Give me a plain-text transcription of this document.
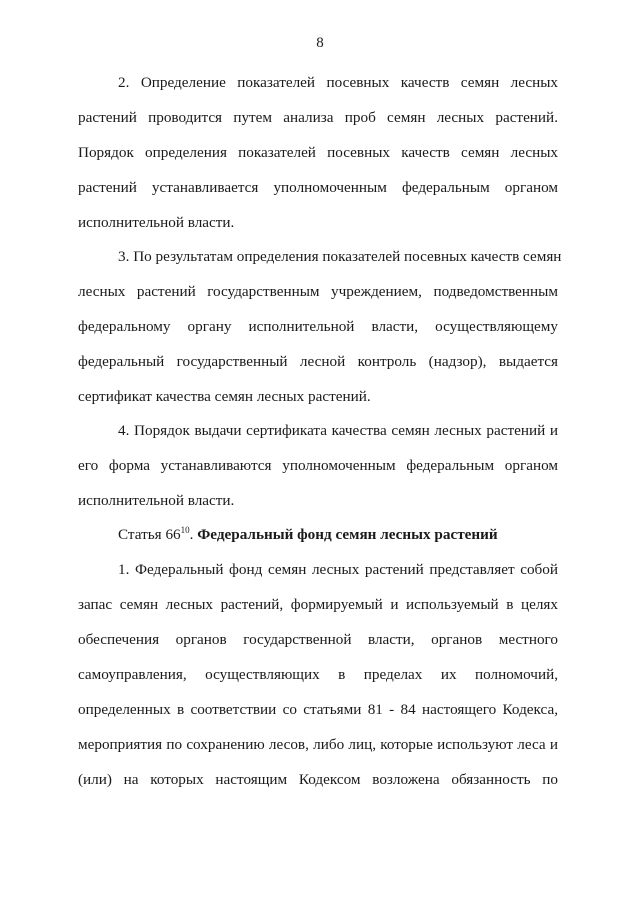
8
2. Определение показателей посевных качеств семян лесных
растений проводится путем анализа проб семян лесных растений.
Порядок определения показателей посевных качеств семян лесных
растений устанавливается уполномоченным федеральным органом
исполнительной власти.
3. По результатам определения показателей посевных качеств семян
лесных растений государственным учреждением, подведомственным
федеральному органу исполнительной власти, осуществляющему
федеральный государственный лесной контроль (надзор), выдается
сертификат качества семян лесных растений.
4. Порядок выдачи сертификата качества семян лесных растений и
его форма устанавливаются уполномоченным федеральным органом
исполнительной власти.
Статья $66^{10}$. Федеральный фонд семян лесных растений
1. Федеральный фонд семян лесных растений представляет собой
запас семян лесных растений, формируемый и используемый в целях
обеспечения органов государственной власти, органов местного
самоуправления, осуществляющих в пределах их полномочий,
определенных в соответствии со статьями 81 - 84 настоящего Кодекса,
мероприятия по сохранению лесов, либо лиц, которые используют леса и
(или) на которых настоящим Кодексом возложена обязанность по
